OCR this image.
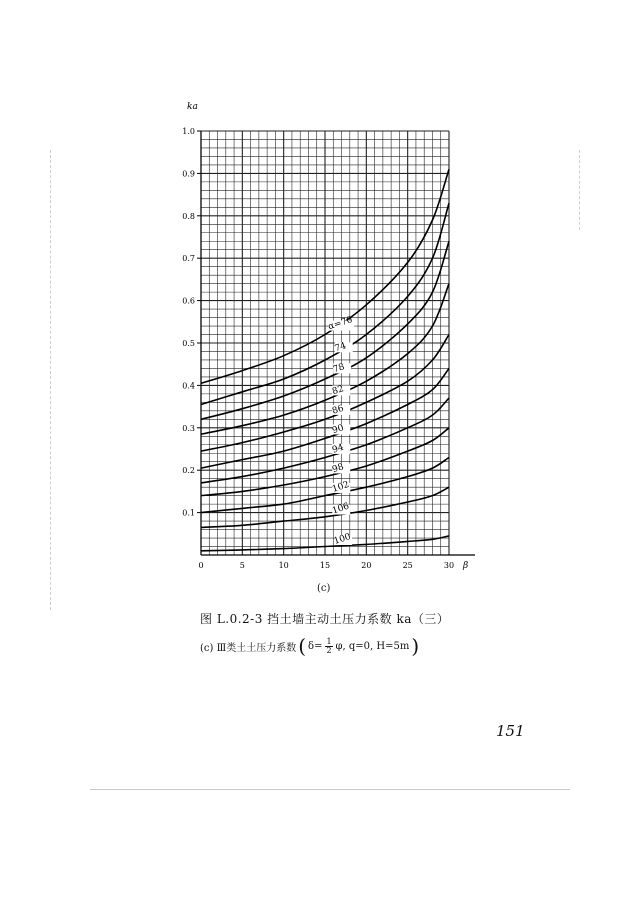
0.1
0.2
0.3
0.4
0.5
0.6
0.7
0.8
0.9
1.0
0	5	10	15	20	25	30 β
ka
α=70
74
78
82
86
90
94
98
102
106
100
(c)
图 L.0.2-3 挡土墙主动土压力系数 ka（三）
(c) Ⅲ类土土压力系数 ( $\delta= \frac{1}{2} \varphi$, q=0, H=5m )
151
